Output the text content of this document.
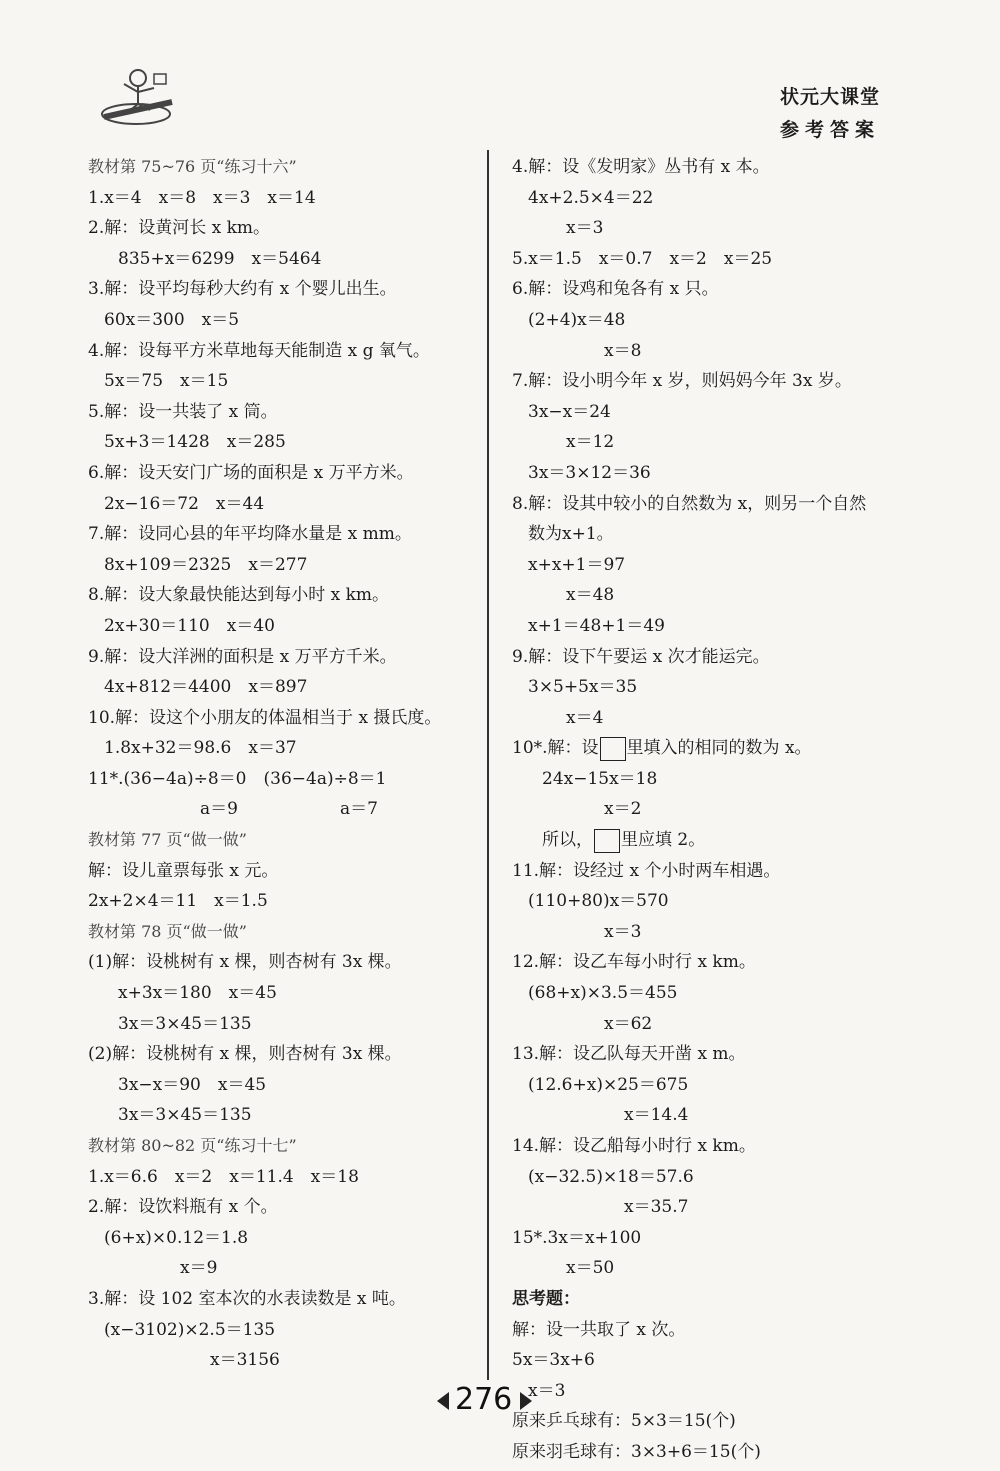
状元大课堂
参考答案
教材第 75~76 页“练习十六”
1.x＝4　x＝8　x＝3　x＝14
2.解：设黄河长 x km。
835+x＝6299　x＝5464
3.解：设平均每秒大约有 x 个婴儿出生。
60x＝300　x＝5
4.解：设每平方米草地每天能制造 x g 氧气。
5x＝75　x＝15
5.解：设一共装了 x 筒。
5x+3＝1428　x＝285
6.解：设天安门广场的面积是 x 万平方米。
2x−16＝72　x＝44
7.解：设同心县的年平均降水量是 x mm。
8x+109＝2325　x＝277
8.解：设大象最快能达到每小时 x km。
2x+30＝110　x＝40
9.解：设大洋洲的面积是 x 万平方千米。
4x+812＝4400　x＝897
10.解：设这个小朋友的体温相当于 x 摄氏度。
1.8x+32＝98.6　x＝37
11*.(36−4a)÷8＝0　(36−4a)÷8＝1
a＝9　　　　　　a＝7
教材第 77 页“做一做”
解：设儿童票每张 x 元。
2x+2×4＝11　x＝1.5
教材第 78 页“做一做”
(1)解：设桃树有 x 棵，则杏树有 3x 棵。
x+3x＝180　x＝45
3x＝3×45＝135
(2)解：设桃树有 x 棵，则杏树有 3x 棵。
3x−x＝90　x＝45
3x＝3×45＝135
教材第 80~82 页“练习十七”
1.x＝6.6　x＝2　x＝11.4　x＝18
2.解：设饮料瓶有 x 个。
(6+x)×0.12＝1.8
x＝9
3.解：设 102 室本次的水表读数是 x 吨。
(x−3102)×2.5＝135
x＝3156
4.解：设《发明家》丛书有 x 本。
4x+2.5×4＝22
x＝3
5.x＝1.5　x＝0.7　x＝2　x＝25
6.解：设鸡和兔各有 x 只。
(2+4)x＝48
x＝8
7.解：设小明今年 x 岁，则妈妈今年 3x 岁。
3x−x＝24
x＝12
3x＝3×12＝36
8.解：设其中较小的自然数为 x，则另一个自然
数为x+1。
x+x+1＝97
x＝48
x+1＝48+1＝49
9.解：设下午要运 x 次才能运完。
3×5+5x＝35
x＝4
10*.解：设 里填入的相同的数为 x。
24x−15x＝18
x＝2
所以， 里应填 2。
11.解：设经过 x 个小时两车相遇。
(110+80)x＝570
x＝3
12.解：设乙车每小时行 x km。
(68+x)×3.5＝455
x＝62
13.解：设乙队每天开凿 x m。
(12.6+x)×25＝675
x＝14.4
14.解：设乙船每小时行 x km。
(x−32.5)×18＝57.6
x＝35.7
15*.3x＝x+100
x＝50
思考题：
解：设一共取了 x 次。
5x＝3x+6
x＝3
原来乒乓球有：5×3＝15(个)
原来羽毛球有：3×3+6＝15(个)
276
